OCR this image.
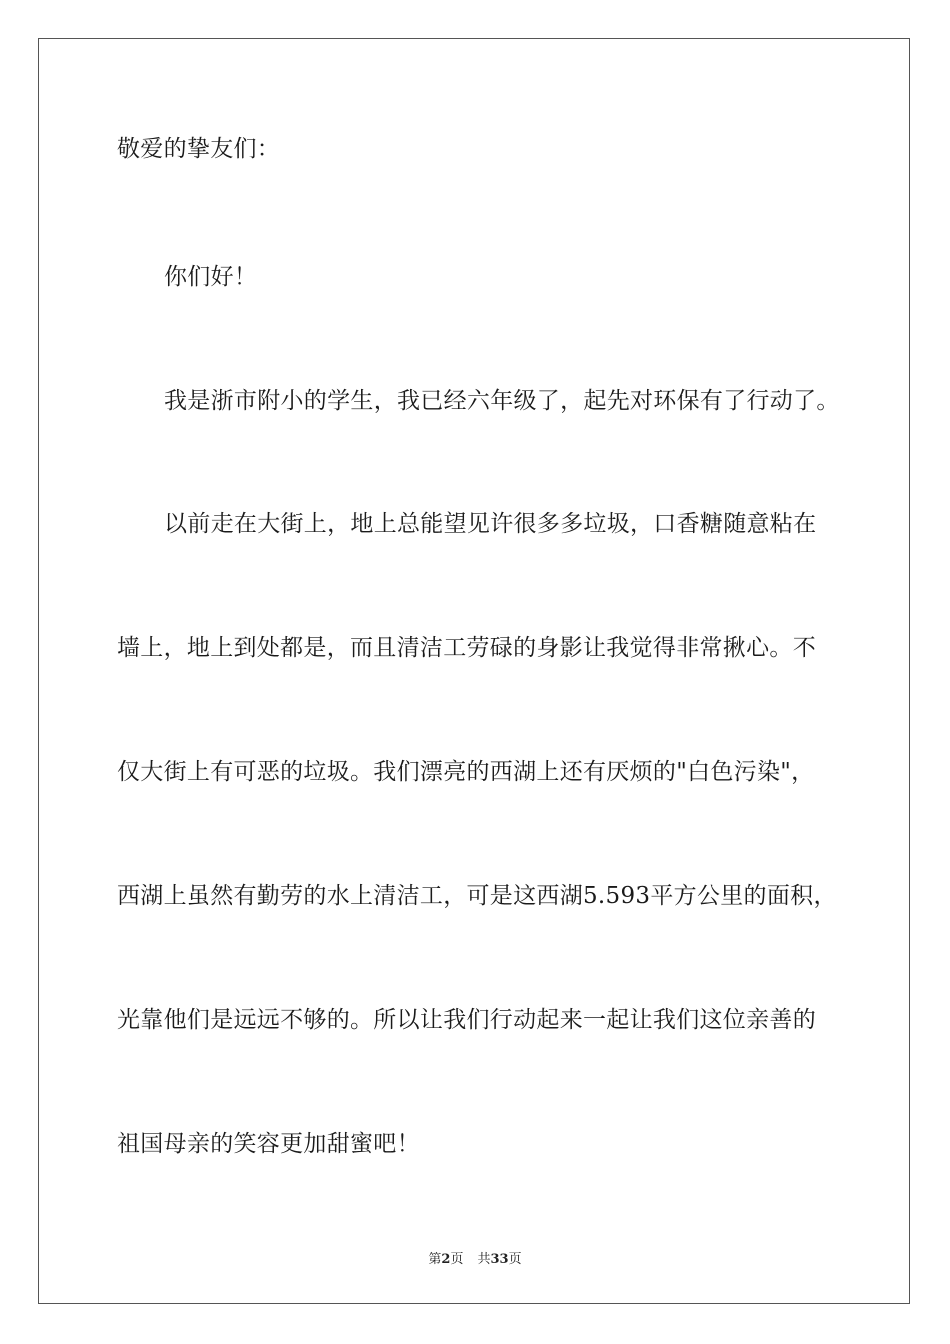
敬爱的挚友们：
你们好！
我是浙市附小的学生，我已经六年级了，起先对环保有了行动了。
以前走在大街上，地上总能望见许很多多垃圾，口香糖随意粘在
墙上，地上到处都是，而且清洁工劳碌的身影让我觉得非常揪心。不
仅大街上有可恶的垃圾。我们漂亮的西湖上还有厌烦的"白色污染"，
西湖上虽然有勤劳的水上清洁工，可是这西湖5.593平方公里的面积，
光靠他们是远远不够的。所以让我们行动起来一起让我们这位亲善的
祖国母亲的笑容更加甜蜜吧！
第2页 共33页
